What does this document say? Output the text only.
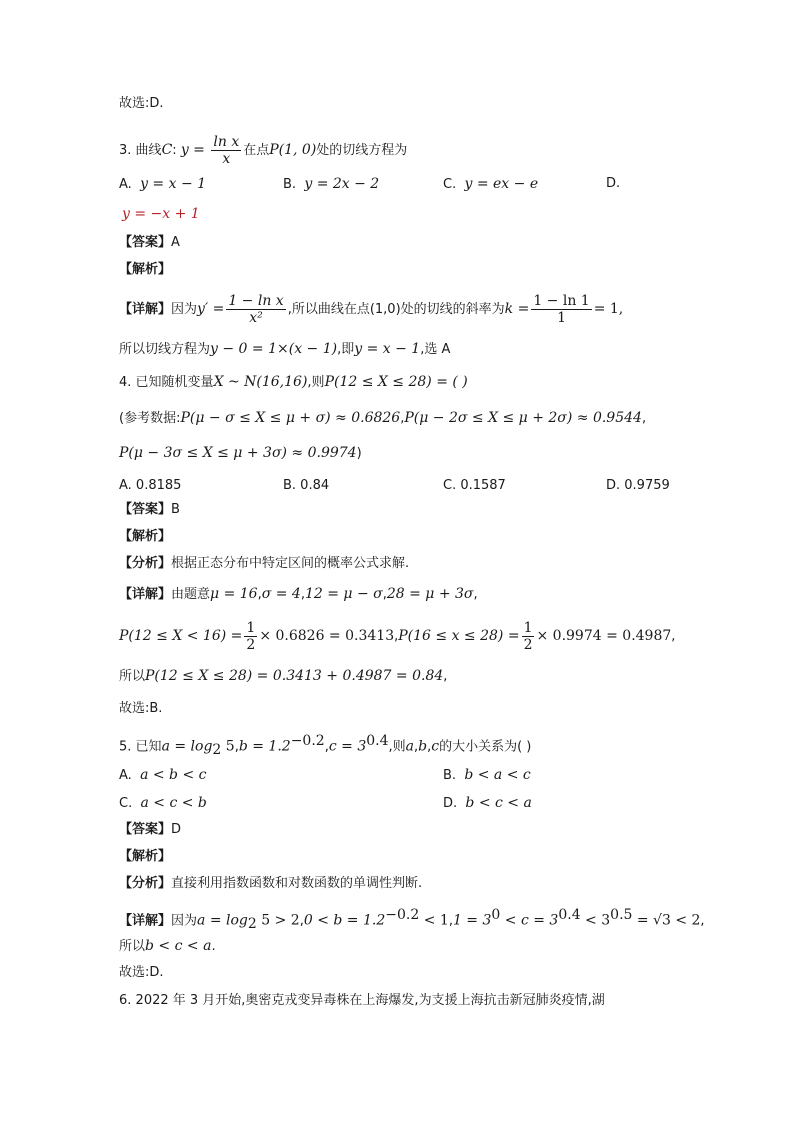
故选:D.
3. 曲线C: $y = \frac{\text{ln x}}{x}$ 在点P(1, 0)处的切线方程为
A. y = x − 1	B. y = 2x − 2	C. y = ex − e	D.
y = −x + 1
【答案】A
【解析】
【详解】因为$y' = \frac{\text{1 − ln x}}{\text{x²}}$ ,所以曲线在点(1,0)处的切线的斜率为$k = \frac{1 - \ln 1}{1} = 1$,
所以切线方程为y − 0 = 1×(x − 1),即y = x − 1,选 A
4. 已知随机变量X ~ N(16,16),则P(12 ≤ X ≤ 28) = ( )
(参考数据:P(μ − σ ≤ X ≤ μ + σ) ≈ 0.6826,P(μ − 2σ ≤ X ≤ μ + 2σ) ≈ 0.9544,
P(μ − 3σ ≤ X ≤ μ + 3σ) ≈ 0.9974)
A. 0.8185	B. 0.84	C. 0.1587	D. 0.9759
【答案】B
【解析】
【分析】根据正态分布中特定区间的概率公式求解.
【详解】由题意μ = 16,σ = 4,12 = μ − σ,28 = μ + 3σ,
$P(12 \le X < 16) = \frac{1}{2} \times 0.6826 = 0.3413,P(16 \le x \le 28) = \frac{1}{2} \times 0.9974 = 0.4987$,
所以P(12 ≤ X ≤ 28) = 0.3413 + 0.4987 = 0.84,
故选:B.
5. 已知$a = \log_2 5,b = 1.2^{-0.2},c = 3^{0.4}$,则a,b,c的大小关系为( )
A. a < b < c	B. b < a < c
C. a < c < b	D. b < c < a
【答案】D
【解析】
【分析】直接利用指数函数和对数函数的单调性判断.
【详解】因为$a = \log_2 5 > 2,0 < b = 1.2^{-0.2} < 1,1 = 3^0 < c = 3^{0.4} < 3^{0.5} = √3 < 2$,
所以b < c < a.
故选:D.
6. 2022 年 3 月开始,奥密克戎变异毒株在上海爆发,为支援上海抗击新冠肺炎疫情,湖
